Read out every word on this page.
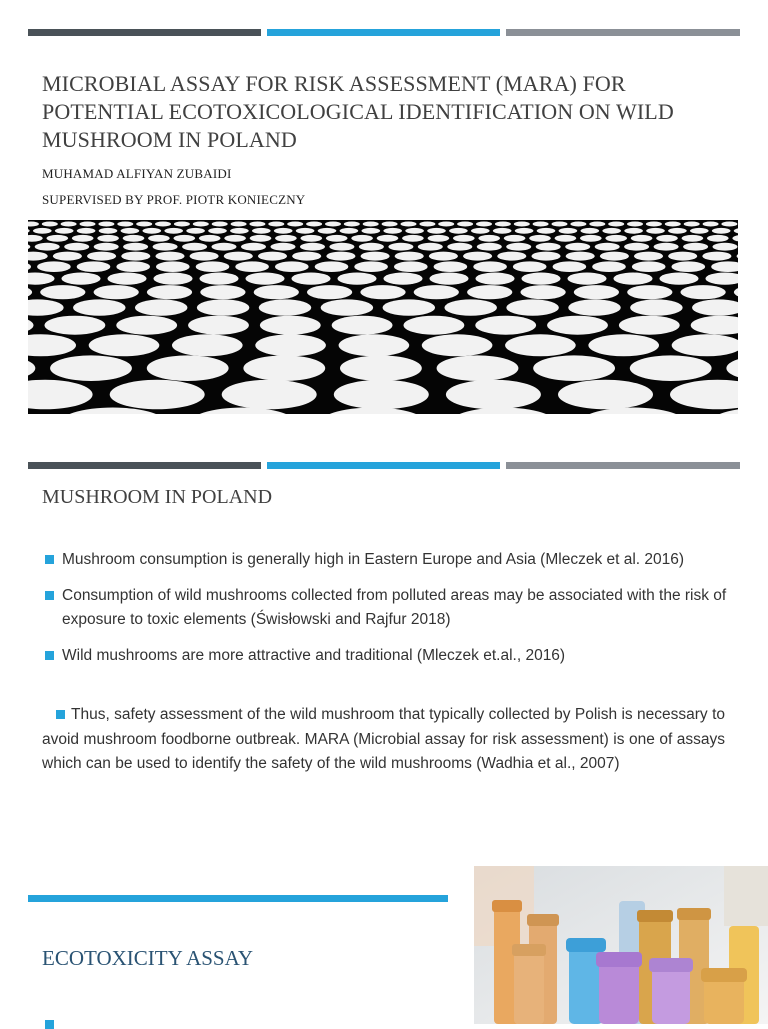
MICROBIAL ASSAY FOR RISK ASSESSMENT (MARA) FOR POTENTIAL ECOTOXICOLOGICAL IDENTIFICATION ON WILD MUSHROOM IN POLAND
MUHAMAD ALFIYAN ZUBAIDI
SUPERVISED BY PROF. PIOTR KONIECZNY
MUSHROOM IN POLAND
Mushroom consumption is generally high in Eastern Europe and Asia (Mleczek et al. 2016)
Consumption of wild mushrooms collected from polluted areas may be associated with the risk of exposure to toxic elements (Świsłowski and Rajfur 2018)
Wild mushrooms are more attractive and traditional (Mleczek et.al., 2016)

Thus, safety assessment of the wild mushroom that typically collected by Polish is necessary to avoid mushroom foodborne outbreak. MARA (Microbial assay for risk assessment) is one of assays which can be used to identify the safety of the wild mushrooms (Wadhia et al., 2007)

ECOTOXICITY ASSAY
